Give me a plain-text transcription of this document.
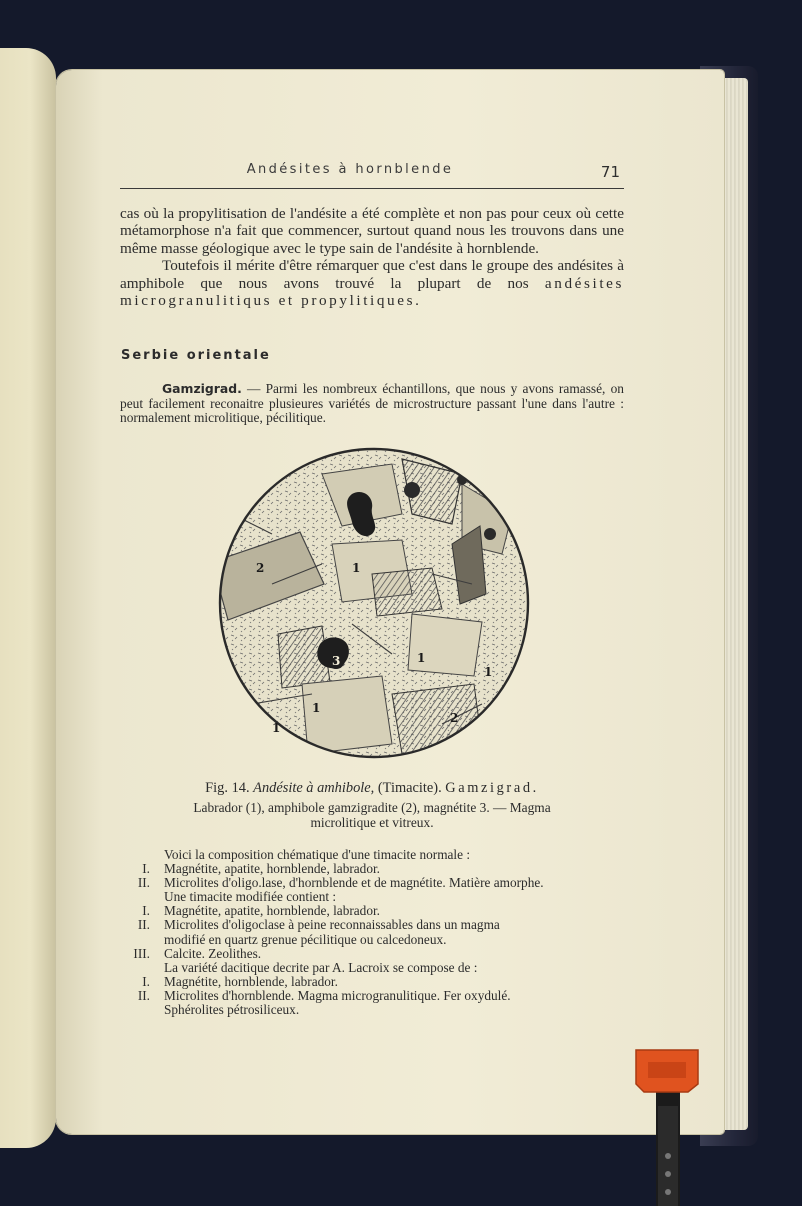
Andésites à hornblende	71

cas où la propylitisation de l'andésite a été complète et non pas pour ceux où cette métamorphose n'a fait que commencer, surtout quand nous les trouvons dans une même masse géologique avec le type sain de l'andésite à hornblende.

Toutefois il mérite d'être rémarquer que c'est dans le groupe des andésites à amphibole que nous avons trouvé la plupart de nos andésites microgranulitiqus et propylitiques.

Serbie orientale

Gamzigrad. — Parmi les nombreux échantillons, que nous y avons ramassé, on peut facilement reconaitre plusieures variétés de microstructure passant l'une dans l'autre : normalement microlitique, pécilitique.

1
1
1
1
1
2
2
3
Fig. 14. Andésite à amhibole, (Timacite). Gamzigrad.
Labrador (1), amphibole gamzigradite (2), magnétite 3. — Magma
microlitique et vitreux.
Voici la composition chématique d'une timacite normale :
I. Magnétite, apatite, hornblende, labrador.
II. Microlites d'oligo.lase, d'hornblende et de magnétite. Matière amorphe.
Une timacite modifiée contient :
I. Magnétite, apatite, hornblende, labrador.
II. Microlites d'oligoclase à peine reconnaissables dans un magma
modifié en quartz grenue pécilitique ou calcedoneux.
III. Calcite. Zeolithes.
La variété dacitique decrite par A. Lacroix se compose de :
I. Magnétite, hornblende, labrador.
II. Microlites d'hornblende. Magma microgranulitique. Fer oxydulé.
Sphérolites pétrosiliceux.
